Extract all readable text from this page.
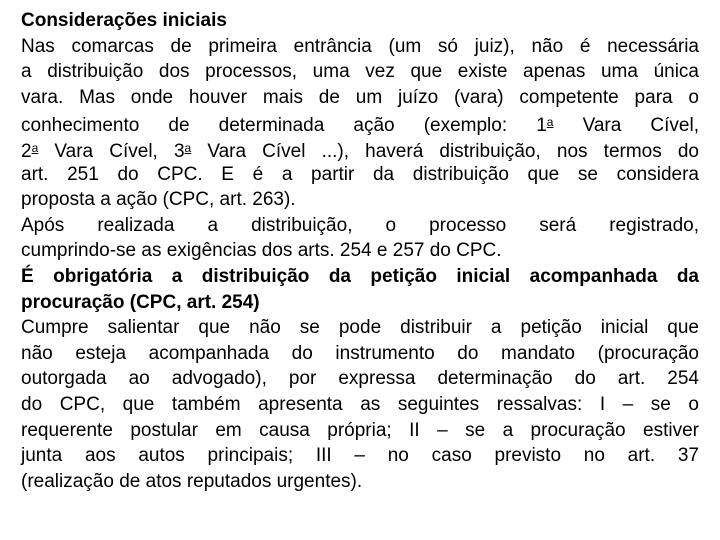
Considerações iniciais
Nas comarcas de primeira entrância (um só juiz), não é necessária
a distribuição dos processos, uma vez que existe apenas uma única
vara. Mas onde houver mais de um juízo (vara) competente para o
conhecimento de determinada ação (exemplo: 1$^a$ Vara Cível,
2$^a$ Vara Cível, 3$^a$ Vara Cível ...), haverá distribuição, nos termos do
art. 251 do CPC. E é a partir da distribuição que se considera
proposta a ação (CPC, art. 263).
Após realizada a distribuição, o processo será registrado,
cumprindo-se as exigências dos arts. 254 e 257 do CPC.
É obrigatória a distribuição da petição inicial acompanhada da
procuração (CPC, art. 254)
Cumpre salientar que não se pode distribuir a petição inicial que
não esteja acompanhada do instrumento do mandato (procuração
outorgada ao advogado), por expressa determinação do art. 254
do CPC, que também apresenta as seguintes ressalvas: I – se o
requerente postular em causa própria; II – se a procuração estiver
junta aos autos principais; III – no caso previsto no art. 37
(realização de atos reputados urgentes).
